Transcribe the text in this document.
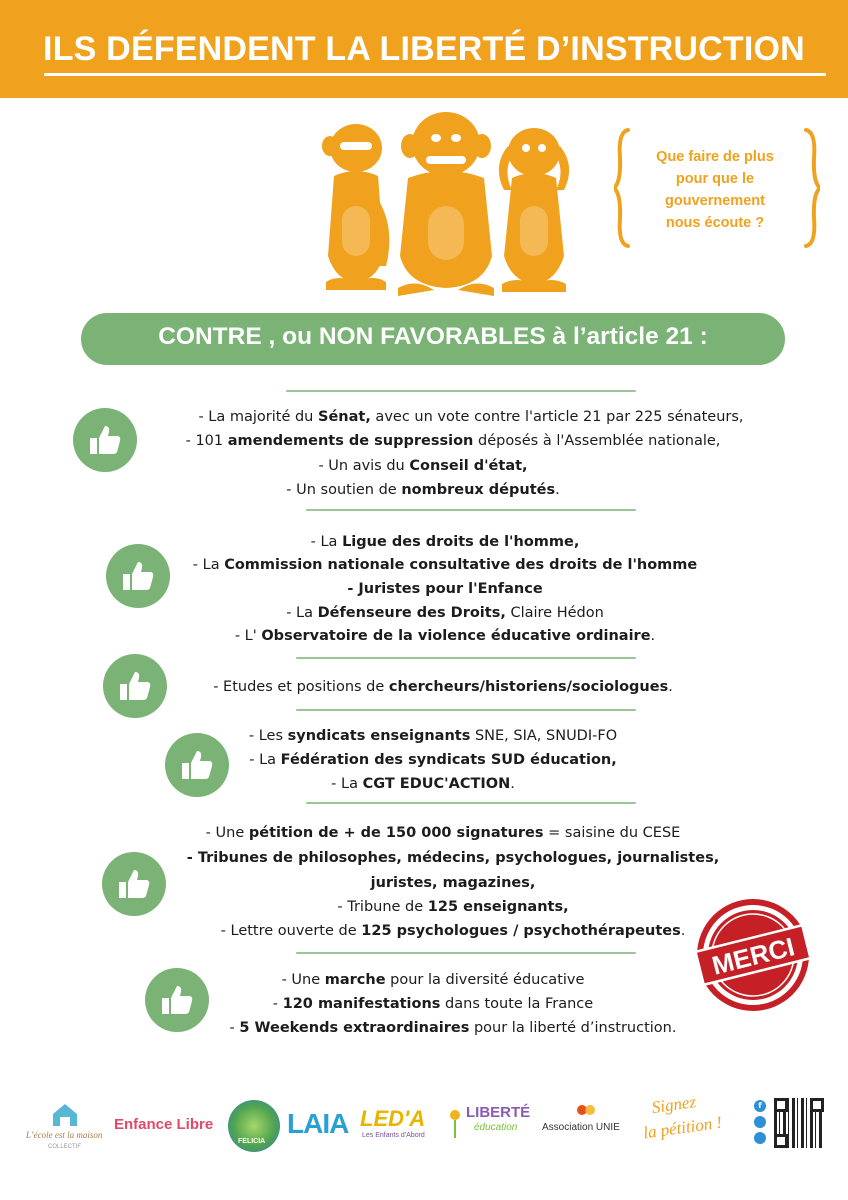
ILS DÉFENDENT LA LIBERTÉ D’INSTRUCTION
Que faire de plus
pour que le
gouvernement
nous écoute ?
CONTRE , ou NON FAVORABLES à l’article 21 :
- La majorité du Sénat, avec un vote contre l'article 21 par 225 sénateurs,
- 101 amendements de suppression déposés à l'Assemblée nationale,
- Un avis du Conseil d'état,
- Un soutien de nombreux députés.
- La Ligue des droits de l'homme,
- La Commission nationale consultative des droits de l'homme
- Juristes pour l'Enfance
- La Défenseure des Droits, Claire Hédon
- L' Observatoire de la violence éducative ordinaire.
- Etudes et positions de chercheurs/historiens/sociologues.
- Les syndicats enseignants SNE, SIA, SNUDI-FO
- La Fédération des syndicats SUD éducation,
- La CGT EDUC'ACTION.
- Une pétition de + de 150 000 signatures = saisine du CESE
- Tribunes de philosophes, médecins, psychologues, journalistes,
juristes, magazines,
- Tribune de 125 enseignants,
- Lettre ouverte de 125 psychologues / psychothérapeutes.
- Une marche pour la diversité éducative
- 120 manifestations dans toute la France
- 5 Weekends extraordinaires pour la liberté d’instruction.
MERCI
L’école est la maison
COLLECTIF
Enfance Libre
FELICIA
LAIA LED'A
Les Enfants d'Abord
LIBERTÉ
éducation Association UNIE
Signez
la pétition !
f
